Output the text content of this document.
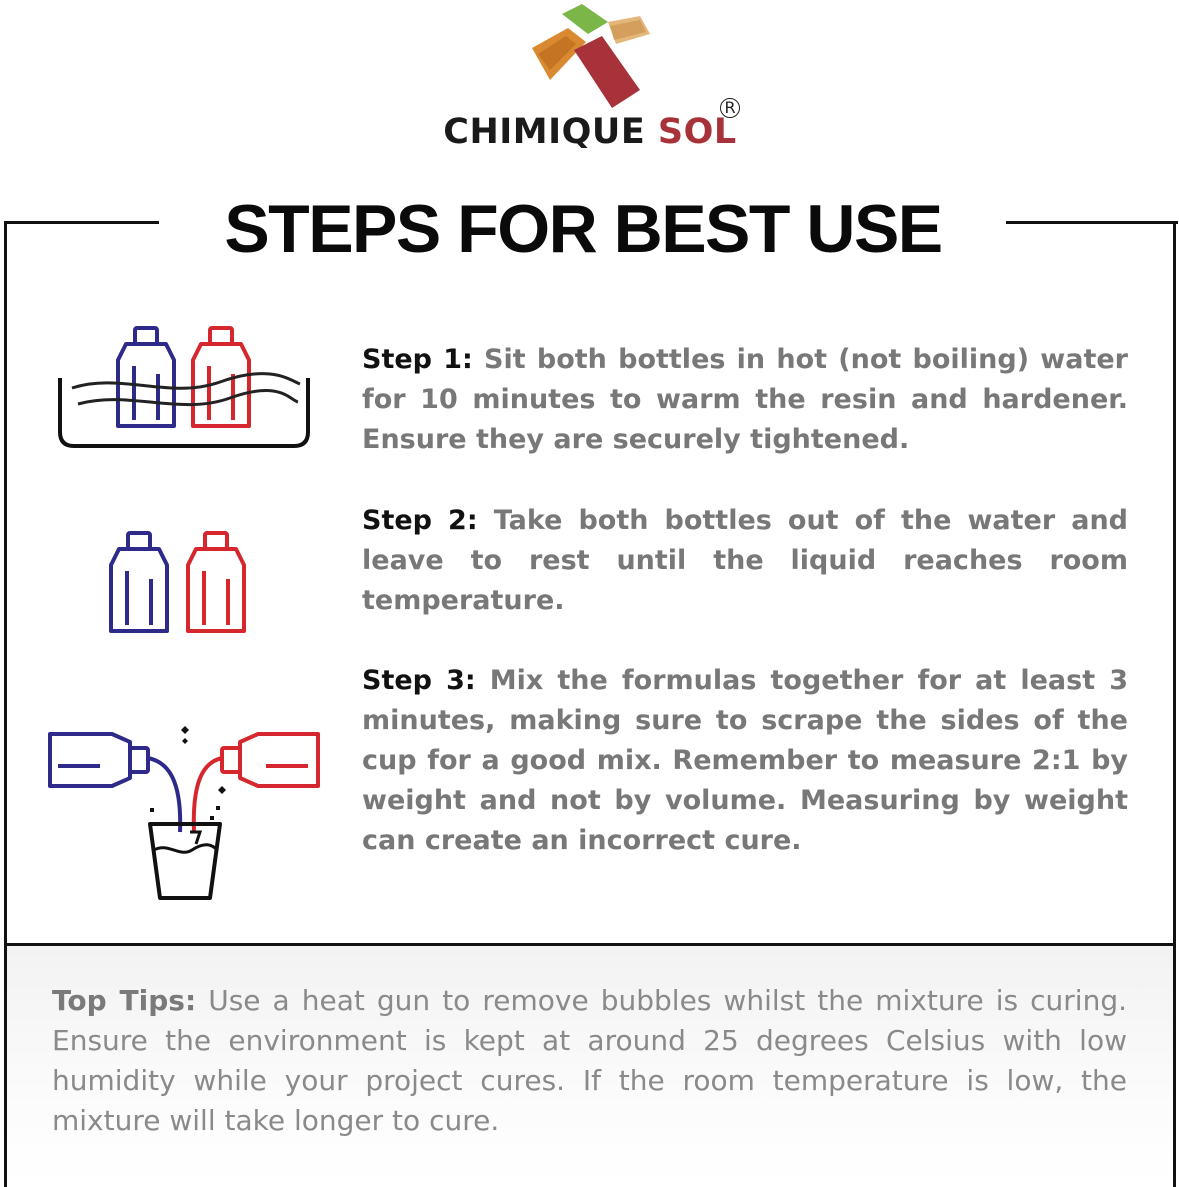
CHIMIQUE SOL
R
STEPS FOR BEST USE
Step 1: Sit both bottles in hot (not boiling) water for 10 minutes to warm the resin and hardener. Ensure they are securely tightened.
Step 2: Take both bottles out of the water and leave to rest until the liquid reaches room temperature.
Step 3: Mix the formulas together for at least 3 minutes, making sure to scrape the sides of the cup for a good mix. Remember to measure 2:1 by weight and not by volume. Measuring by weight can create an incorrect cure.
Top Tips: Use a heat gun to remove bubbles whilst the mixture is curing. Ensure the environment is kept at around 25 degrees Celsius with low humidity while your project cures. If the room temperature is low, the mixture will take longer to cure.
